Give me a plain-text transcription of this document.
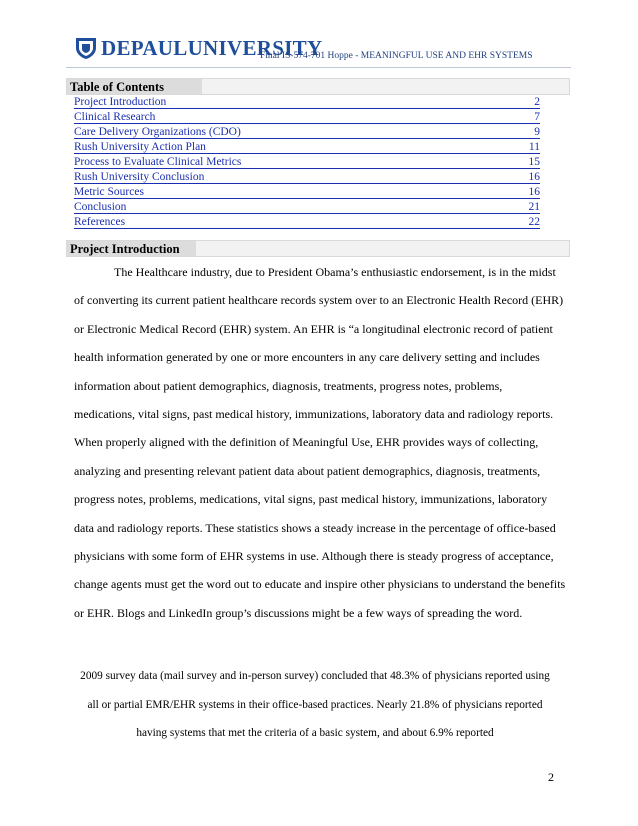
DEPAULUNIVERSITY
Final IS-574-701 Hoppe - MEANINGFUL USE AND EHR SYSTEMS
Table of Contents
Project Introduction	2
Clinical Research	7
Care Delivery Organizations (CDO)	9
Rush University Action Plan	11
Process to Evaluate Clinical Metrics	15
Rush University Conclusion	16
Metric Sources	16
Conclusion	21
References	22
Project Introduction

The Healthcare industry, due to President Obama’s enthusiastic endorsement, is in the midst of converting its current patient healthcare records system over to an Electronic Health Record (EHR) or Electronic Medical Record (EHR) system. An EHR is “a longitudinal electronic record of patient health information generated by one or more encounters in any care delivery setting and includes information about patient demographics, diagnosis, treatments, progress notes, problems, medications, vital signs, past medical history, immunizations, laboratory data and radiology reports. When properly aligned with the definition of Meaningful Use, EHR provides ways of collecting, analyzing and presenting relevant patient data about patient demographics, diagnosis, treatments, progress notes, problems, medications, vital signs, past medical history, immunizations, laboratory data and radiology reports. These statistics shows a steady increase in the percentage of office-based physicians with some form of EHR systems in use. Although there is steady progress of acceptance, change agents must get the word out to educate and inspire other physicians to understand the benefits or EHR. Blogs and LinkedIn group’s discussions might be a few ways of spreading the word.

2009 survey data (mail survey and in-person survey) concluded that 48.3% of physicians reported using all or partial EMR/EHR systems in their office-based practices. Nearly 21.8% of physicians reported having systems that met the criteria of a basic system, and about 6.9% reported

2
